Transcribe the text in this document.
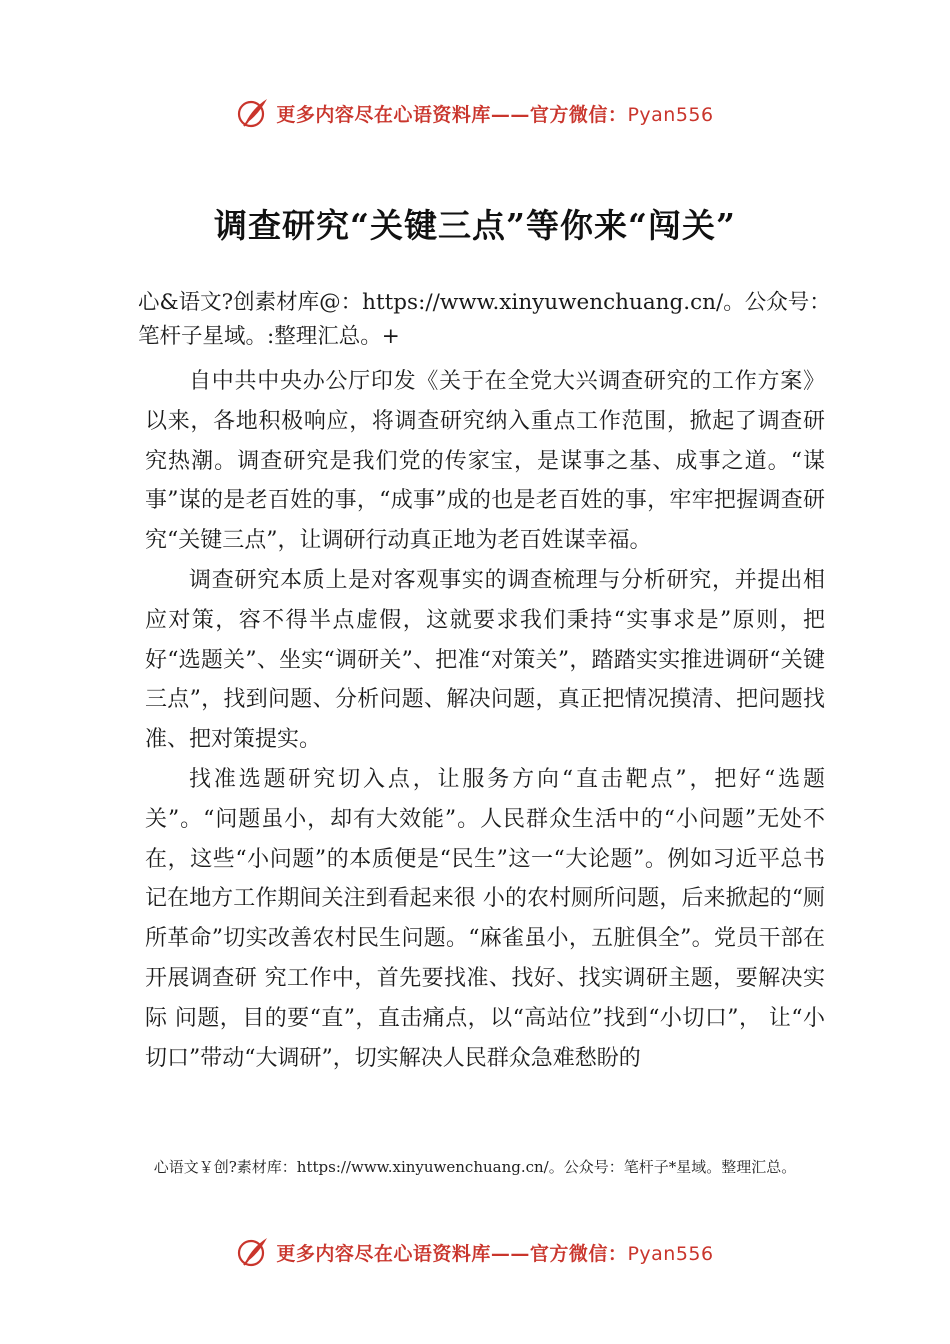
更多内容尽在心语资料库——官方微信：Pyan556
调查研究“关键三点”等你来“闯关”
心&语文?创素材库@：https://www.xinyuwenchuang.cn/。公众号：笔杆子星域。:整理汇总。+

自中共中央办公厅印发《关于在全党大兴调查研究的工作方案》以来，各地积极响应，将调查研究纳入重点工作范围，掀起了调查研究热潮。调查研究是我们党的传家宝，是谋事之基、成事之道。“谋事”谋的是老百姓的事，“成事”成的也是老百姓的事，牢牢把握调查研究“关键三点”，让调研行动真正地为老百姓谋幸福。

调查研究本质上是对客观事实的调查梳理与分析研究，并提出相应对策，容不得半点虚假，这就要求我们秉持“实事求是”原则，把好“选题关”、坐实“调研关”、把准“对策关”，踏踏实实推进调研“关键三点”，找到问题、分析问题、解决问题，真正把情况摸清、把问题找准、把对策提实。

找准选题研究切入点，让服务方向“直击靶点”，把好“选题关”。“问题虽小，却有大效能”。人民群众生活中的“小问题”无处不在，这些“小问题”的本质便是“民生”这一“大论题”。例如习近平总书记在地方工作期间关注到看起来很 小的农村厕所问题，后来掀起的“厕所革命”切实改善农村民生问题。“麻雀虽小，五脏俱全”。党员干部在开展调查研 究工作中，首先要找准、找好、找实调研主题，要解决实际 问题，目的要“直”，直击痛点，以“高站位”找到“小切口”， 让“小切口”带动“大调研”，切实解决人民群众急难愁盼的

心语文￥创?素材库：https://www.xinyuwenchuang.cn/。公众号：笔杆子*星域。整理汇总。
更多内容尽在心语资料库——官方微信：Pyan556
